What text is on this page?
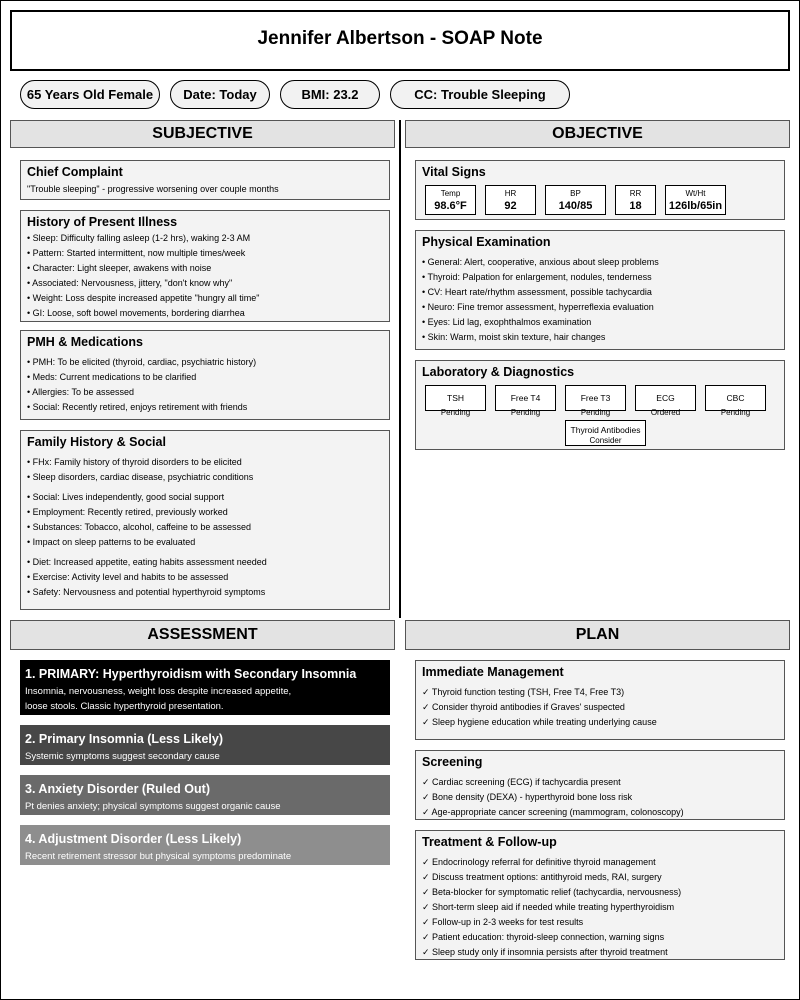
Jennifer Albertson - SOAP Note
65 Years Old Female	Date: Today	BMI: 23.2	CC: Trouble Sleeping
SUBJECTIVE	OBJECTIVE
Chief Complaint
"Trouble sleeping" - progressive worsening over couple months
History of Present Illness
• Sleep: Difficulty falling asleep (1-2 hrs), waking 2-3 AM
• Pattern: Started intermittent, now multiple times/week
• Character: Light sleeper, awakens with noise
• Associated: Nervousness, jittery, "don't know why"
• Weight: Loss despite increased appetite "hungry all time"
• GI: Loose, soft bowel movements, bordering diarrhea
PMH & Medications
• PMH: To be elicited (thyroid, cardiac, psychiatric history)
• Meds: Current medications to be clarified
• Allergies: To be assessed
• Social: Recently retired, enjoys retirement with friends
Family History & Social
• FHx: Family history of thyroid disorders to be elicited
• Sleep disorders, cardiac disease, psychiatric conditions
• Social: Lives independently, good social support
• Employment: Recently retired, previously worked
• Substances: Tobacco, alcohol, caffeine to be assessed
• Impact on sleep patterns to be evaluated
• Diet: Increased appetite, eating habits assessment needed
• Exercise: Activity level and habits to be assessed
• Safety: Nervousness and potential hyperthyroid symptoms
Vital Signs
Temp
98.6°F
HR
92
BP
140/85
RR
18
Wt/Ht
126lb/65in
Physical Examination
• General: Alert, cooperative, anxious about sleep problems
• Thyroid: Palpation for enlargement, nodules, tenderness
• CV: Heart rate/rhythm assessment, possible tachycardia
• Neuro: Fine tremor assessment, hyperreflexia evaluation
• Eyes: Lid lag, exophthalmos examination
• Skin: Warm, moist skin texture, hair changes
Laboratory & Diagnostics
TSH
Pending
Free T4
Pending
Free T3
Pending
ECG
Ordered
CBC
Pending
Thyroid Antibodies
Consider
ASSESSMENT	PLAN
1. PRIMARY: Hyperthyroidism with Secondary Insomnia
Insomnia, nervousness, weight loss despite increased appetite,
loose stools. Classic hyperthyroid presentation.
2. Primary Insomnia (Less Likely)
Systemic symptoms suggest secondary cause
3. Anxiety Disorder (Ruled Out)
Pt denies anxiety; physical symptoms suggest organic cause
4. Adjustment Disorder (Less Likely)
Recent retirement stressor but physical symptoms predominate
Immediate Management
✓ Thyroid function testing (TSH, Free T4, Free T3)
✓ Consider thyroid antibodies if Graves' suspected
✓ Sleep hygiene education while treating underlying cause
Screening
✓ Cardiac screening (ECG) if tachycardia present
✓ Bone density (DEXA) - hyperthyroid bone loss risk
✓ Age-appropriate cancer screening (mammogram, colonoscopy)
Treatment & Follow-up
✓ Endocrinology referral for definitive thyroid management
✓ Discuss treatment options: antithyroid meds, RAI, surgery
✓ Beta-blocker for symptomatic relief (tachycardia, nervousness)
✓ Short-term sleep aid if needed while treating hyperthyroidism
✓ Follow-up in 2-3 weeks for test results
✓ Patient education: thyroid-sleep connection, warning signs
✓ Sleep study only if insomnia persists after thyroid treatment
